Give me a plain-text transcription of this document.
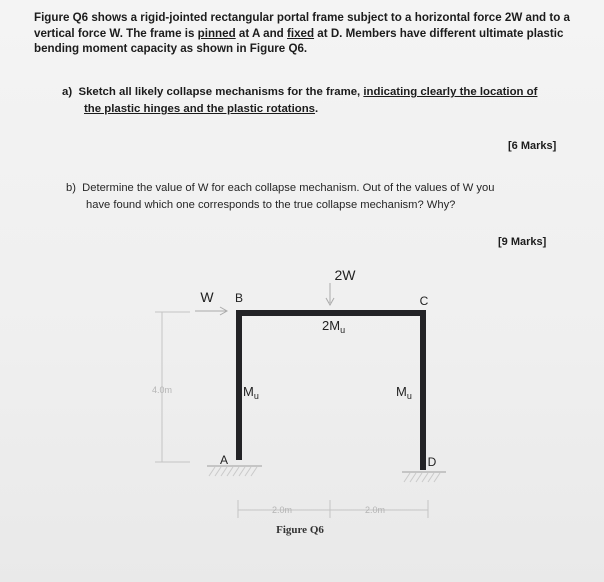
Figure Q6 shows a rigid-jointed rectangular portal frame subject to a horizontal force 2W and to a vertical force W. The frame is pinned at A and fixed at D. Members have different ultimate plastic bending moment capacity as shown in Figure Q6.
a) Sketch all likely collapse mechanisms for the frame, indicating clearly the location of
the plastic hinges and the plastic rotations.
[6 Marks]
b) Determine the value of W for each collapse mechanism. Out of the values of W you
have found which one corresponds to the true collapse mechanism? Why?
[9 Marks]
2W
W B	C
A	D
$2M_u$
$M_u$	$M_u$
4.0m
2.0m	2.0m
Figure Q6
